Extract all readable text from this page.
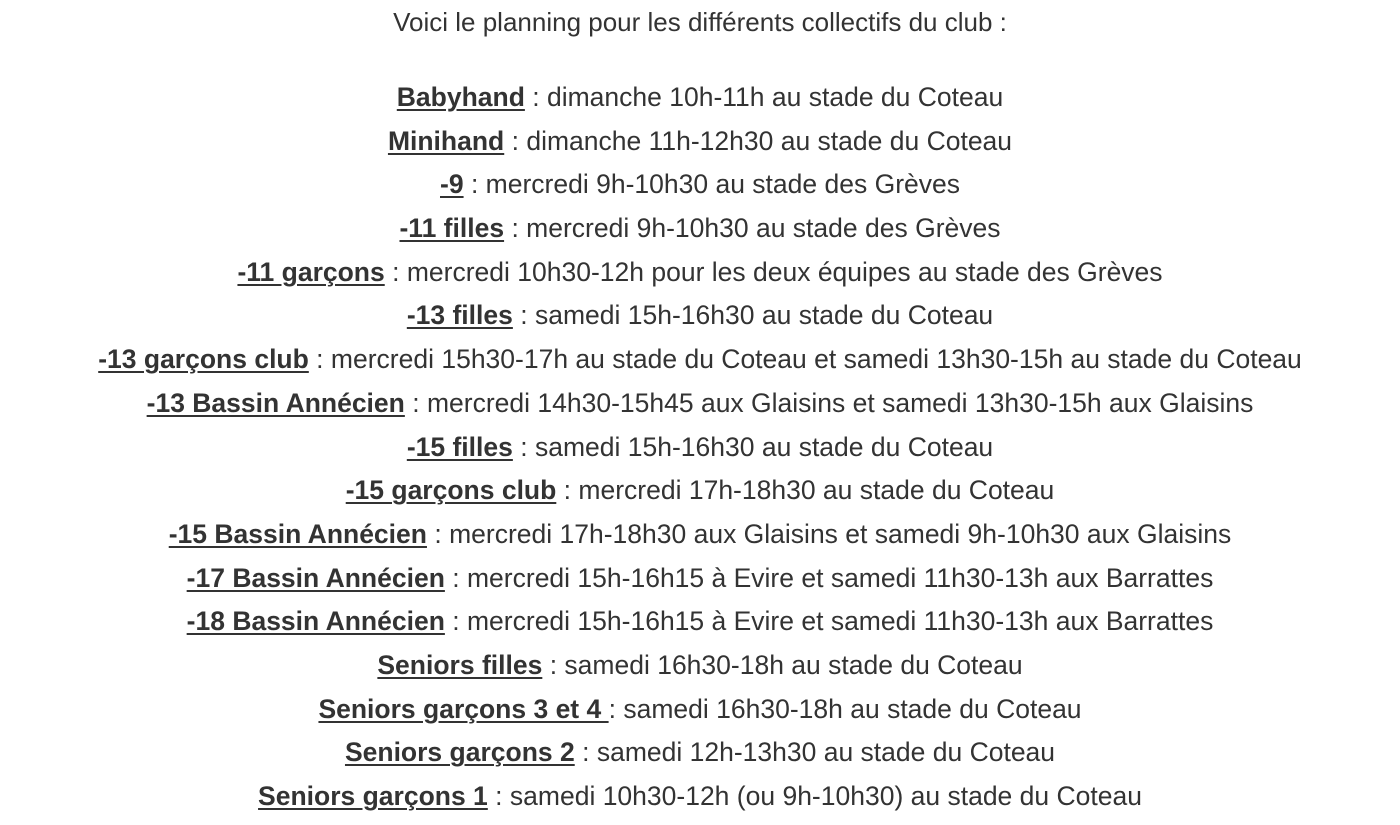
Voici le planning pour les différents collectifs du club :

Babyhand : dimanche 10h-11h au stade du Coteau
Minihand : dimanche 11h-12h30 au stade du Coteau
-9 : mercredi 9h-10h30 au stade des Grèves
-11 filles : mercredi 9h-10h30 au stade des Grèves
-11 garçons : mercredi 10h30-12h pour les deux équipes au stade des Grèves
-13 filles : samedi 15h-16h30 au stade du Coteau
-13 garçons club : mercredi 15h30-17h au stade du Coteau et samedi 13h30-15h au stade du Coteau
-13 Bassin Annécien : mercredi 14h30-15h45 aux Glaisins et samedi 13h30-15h aux Glaisins
-15 filles : samedi 15h-16h30 au stade du Coteau
-15 garçons club : mercredi 17h-18h30 au stade du Coteau
-15 Bassin Annécien : mercredi 17h-18h30 aux Glaisins et samedi 9h-10h30 aux Glaisins
-17 Bassin Annécien : mercredi 15h-16h15 à Evire et samedi 11h30-13h aux Barrattes
-18 Bassin Annécien : mercredi 15h-16h15 à Evire et samedi 11h30-13h aux Barrattes
Seniors filles : samedi 16h30-18h au stade du Coteau
Seniors garçons 3 et 4 : samedi 16h30-18h au stade du Coteau
Seniors garçons 2 : samedi 12h-13h30 au stade du Coteau
Seniors garçons 1 : samedi 10h30-12h (ou 9h-10h30) au stade du Coteau
